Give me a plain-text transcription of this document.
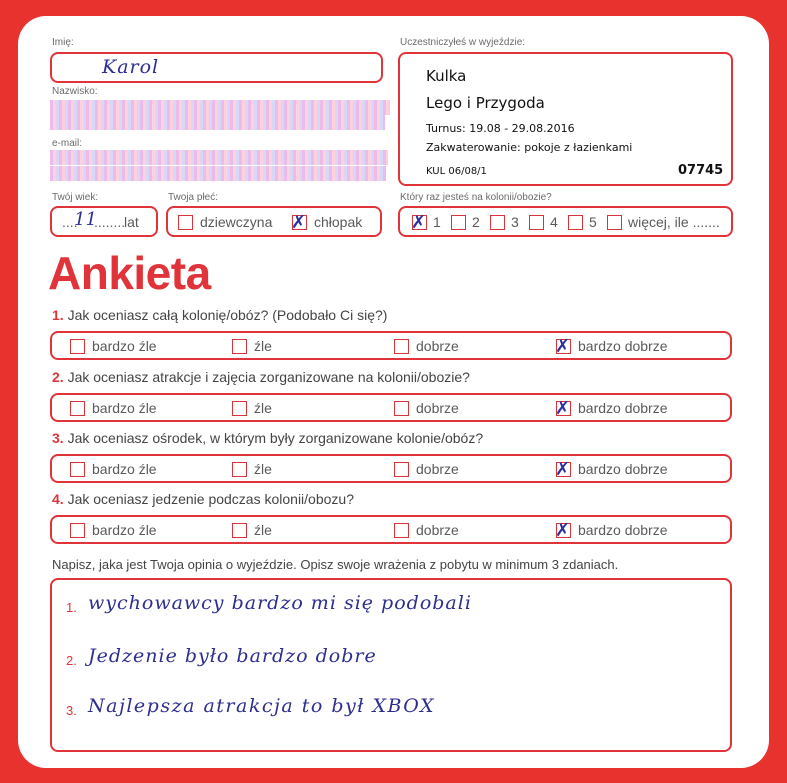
Imię:
Karol
Nazwisko:
e-mail:
Twój wiek:
....
11
........
lat
Twoja płeć:
dziewczyna ✗ chłopak
Uczestniczyłeś w wyjeździe:
Kulka
Lego i Przygoda
Turnus: 19.08 - 29.08.2016
Zakwaterowanie: pokoje z łazienkami
KUL 06/08/1	07745
Który raz jesteś na kolonii/obozie?
✗ 1 2 3 4 5 więcej, ile .......
Ankieta
1. Jak oceniasz całą kolonię/obóz? (Podobało Ci się?)
bardzo źle	źle	dobrze	✗ bardzo dobrze
2. Jak oceniasz atrakcje i zajęcia zorganizowane na kolonii/obozie?
bardzo źle	źle	dobrze	✗ bardzo dobrze
3. Jak oceniasz ośrodek, w którym były zorganizowane kolonie/obóz?
bardzo źle	źle	dobrze	✗ bardzo dobrze
4. Jak oceniasz jedzenie podczas kolonii/obozu?
bardzo źle	źle	dobrze	✗ bardzo dobrze
Napisz, jaka jest Twoja opinia o wyjeździe. Opisz swoje wrażenia z pobytu w minimum 3 zdaniach.
1. wychowawcy bardzo mi się podobali
2. Jedzenie było bardzo dobre
3. Najlepsza atrakcja to był XBOX
